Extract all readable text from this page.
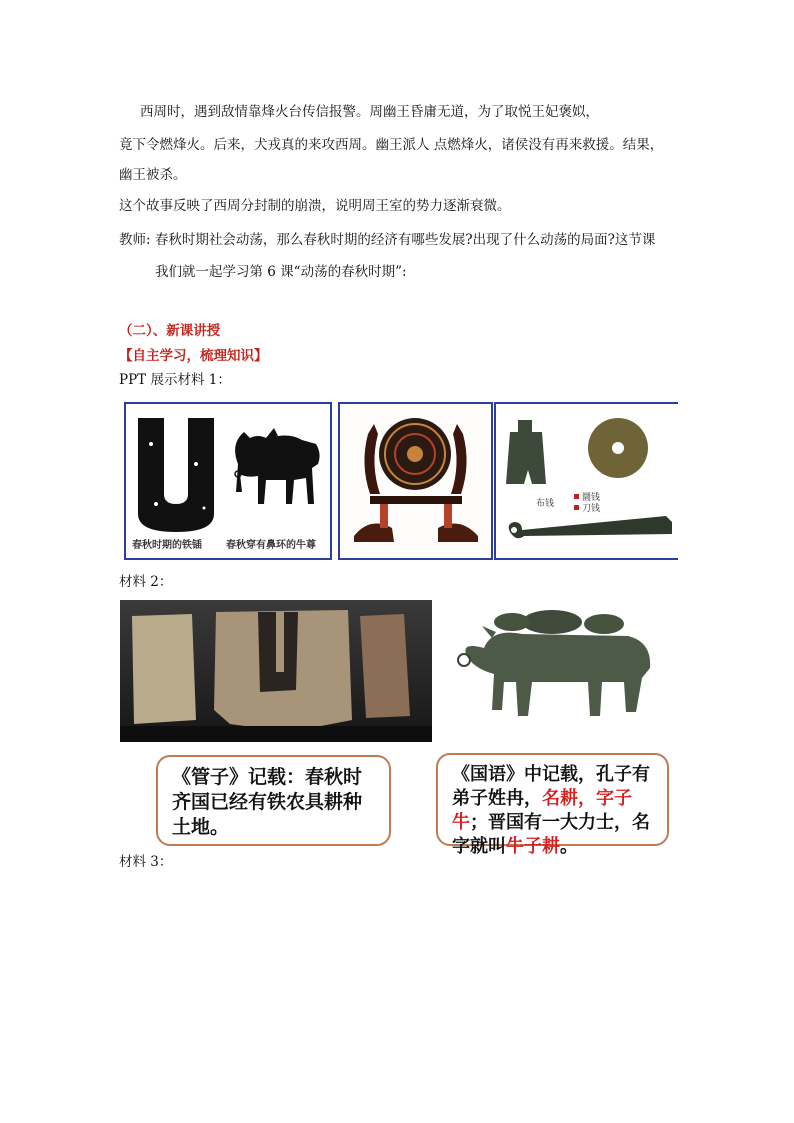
西周时，遇到敌情靠烽火台传信报警。周幽王昏庸无道，为了取悦王妃褒姒，
竟下令燃烽火。后来，犬戎真的来攻西周。幽王派人 点燃烽火，诸侯没有再来救援。结果，
幽王被杀。
这个故事反映了西周分封制的崩溃，说明周王室的势力逐渐衰微。
教师: 春秋时期社会动荡，那么春秋时期的经济有哪些发展?出现了什么动荡的局面?这节课
我们就一起学习第 6 课“动荡的春秋时期”:
（二）、新课讲授
【自主学习，梳理知识】
PPT 展示材料 1：
春秋时期的铁锸 春秋穿有鼻环的牛尊
圜钱
刀钱
布钱
材料 2：
《管子》记载：春秋时齐国已经有铁农具耕种土地。
《国语》中记载，孔子有弟子姓冉，名耕，字子牛；晋国有一大力士，名字就叫牛子耕。
材料 3：
